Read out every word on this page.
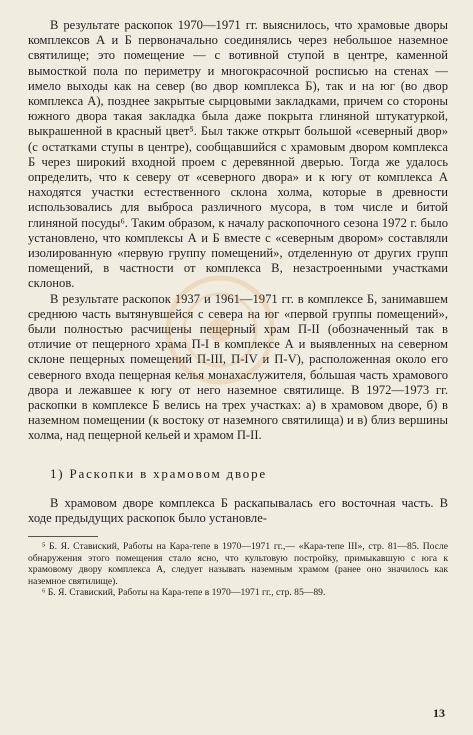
В результате раскопок 1970—1971 гг. выяснилось, что храмовые дворы комплексов А и Б первоначально соединялись через небольшое наземное святилище; это помещение — с вотивной ступой в центре, каменной вымосткой пола по периметру и многокрасочной росписью на стенах — имело выходы как на север (во двор комплекса Б), так и на юг (во двор комплекса А), позднее закрытые сырцовыми закладками, причем со стороны южного двора такая закладка была даже покрыта глиняной штукатуркой, выкрашенной в красный цвет⁵. Был также открыт большой «северный двор» (с остатками ступы в центре), сообщавшийся с храмовым двором комплекса Б через широкий входной проем с деревянной дверью. Тогда же удалось определить, что к северу от «северного двора» и к югу от комплекса А находятся участки естественного склона холма, которые в древности использовались для выброса различного мусора, в том числе и битой глиняной посуды⁶. Таким образом, к началу раскопочного сезона 1972 г. было установлено, что комплексы А и Б вместе с «северным двором» составляли изолированную «первую группу помещений», отделенную от других групп помещений, в частности от комплекса В, незастроенными участками склонов.

В результате раскопок 1937 и 1961—1971 гг. в комплексе Б, занимавшем среднюю часть вытянувшейся с севера на юг «первой группы помещений», были полностью расчищены пещерный храм П-II (обозначенный так в отличие от пещерного храма П-I в комплексе А и выявленных на северном склоне пещерных помещений П-III, П-IV и П-V), расположенная около его северного входа пещерная келья монахаслужителя, бо́льшая часть храмового двора и лежавшее к югу от него наземное святилище. В 1972—1973 гг. раскопки в комплексе Б велись на трех участках: а) в храмовом дворе, б) в наземном помещении (к востоку от наземного святилища) и в) близ вершины холма, над пещерной кельей и храмом П-II.

1) Раскопки в храмовом дворе

В храмовом дворе комплекса Б раскапывалась его восточная часть. В ходе предыдущих раскопок было установле-

⁵ Б. Я. Ставиский, Работы на Кара-тепе в 1970—1971 гг.,— «Кара-тепе III», стр. 81—85. После обнаружения этого помещения стало ясно, что культовую постройку, примыкавшую с юга к храмовому двору комплекса А, следует называть наземным храмом (ранее оно значилось как наземное святилище).

⁶ Б. Я. Ставиский, Работы на Кара-тепе в 1970—1971 гг., стр. 85—89.

13
